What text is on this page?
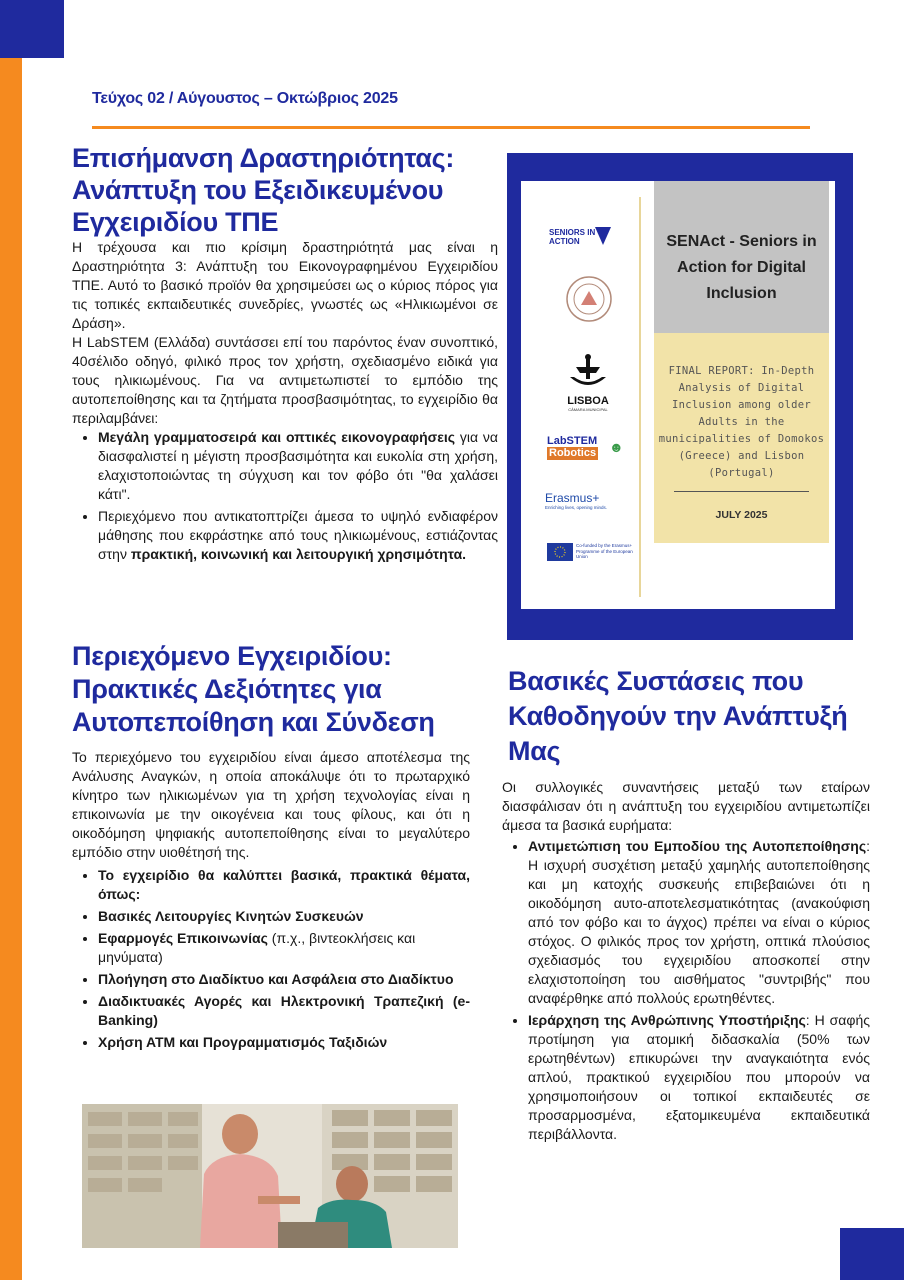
Τεύχος 02 / Αύγουστος – Οκτώβριος 2025
Επισήμανση Δραστηριότητας: Ανάπτυξη του Εξειδικευμένου Εγχειριδίου ΤΠΕ

Η τρέχουσα και πιο κρίσιμη δραστηριότητά μας είναι η Δραστηριότητα 3: Ανάπτυξη του Εικονογραφημένου Εγχειριδίου ΤΠΕ. Αυτό το βασικό προϊόν θα χρησιμεύσει ως ο κύριος πόρος για τις τοπικές εκπαιδευτικές συνεδρίες, γνωστές ως «Ηλικιωμένοι σε Δράση».

Η LabSTEM (Ελλάδα) συντάσσει επί του παρόντος έναν συνοπτικό, 40σέλιδο οδηγό, φιλικό προς τον χρήστη, σχεδιασμένο ειδικά για τους ηλικιωμένους. Για να αντιμετωπιστεί το εμπόδιο της αυτοπεποίθησης και τα ζητήματα προσβασιμότητας, το εγχειρίδιο θα περιλαμβάνει:

• Μεγάλη γραμματοσειρά και οπτικές εικονογραφήσεις για να διασφαλιστεί η μέγιστη προσβασιμότητα και ευκολία στη χρήση, ελαχιστοποιώντας τη σύγχυση και τον φόβο ότι "θα χαλάσει κάτι".
• Περιεχόμενο που αντικατοπτρίζει άμεσα το υψηλό ενδιαφέρον μάθησης που εκφράστηκε από τους ηλικιωμένους, εστιάζοντας στην πρακτική, κοινωνική και λειτουργική χρησιμότητα.
Περιεχόμενο Εγχειριδίου: Πρακτικές Δεξιότητες για Αυτοπεποίθηση και Σύνδεση

Το περιεχόμενο του εγχειριδίου είναι άμεσο αποτέλεσμα της Ανάλυσης Αναγκών, η οποία αποκάλυψε ότι το πρωταρχικό κίνητρο των ηλικιωμένων για τη χρήση τεχνολογίας είναι η επικοινωνία με την οικογένεια και τους φίλους, και ότι η οικοδόμηση ψηφιακής αυτοπεποίθησης είναι το μεγαλύτερο εμπόδιο στην υιοθέτησή της.

• Το εγχειρίδιο θα καλύπτει βασικά, πρακτικά θέματα, όπως:
• Βασικές Λειτουργίες Κινητών Συσκευών
• Εφαρμογές Επικοινωνίας (π.χ., βιντεοκλήσεις και μηνύματα)
• Πλοήγηση στο Διαδίκτυο και Ασφάλεια στο Διαδίκτυο
• Διαδικτυακές Αγορές και Ηλεκτρονική Τραπεζική (e-Banking)
• Χρήση ΑΤΜ και Προγραμματισμός Ταξιδιών
SENIORS IN ACTION
LISBOA
CÂMARA MUNICIPAL
LabSTEM
Robotics ☻
Erasmus+
Enriching lives, opening minds.
Co-funded by the Erasmus+ Programme of the European Union
SENAct - Seniors in Action for Digital Inclusion
FINAL REPORT: In-Depth Analysis of Digital Inclusion among older Adults in the municipalities of Domokos (Greece) and Lisbon (Portugal)
JULY 2025
Βασικές Συστάσεις που Καθοδηγούν την Ανάπτυξή Μας

Οι συλλογικές συναντήσεις μεταξύ των εταίρων διασφάλισαν ότι η ανάπτυξη του εγχειριδίου αντιμετωπίζει άμεσα τα βασικά ευρήματα:

• Αντιμετώπιση του Εμποδίου της Αυτοπεποίθησης: Η ισχυρή συσχέτιση μεταξύ χαμηλής αυτοπεποίθησης και μη κατοχής συσκευής επιβεβαιώνει ότι η οικοδόμηση αυτο-αποτελεσματικότητας (ανακούφιση από τον φόβο και το άγχος) πρέπει να είναι ο κύριος στόχος. Ο φιλικός προς τον χρήστη, οπτικά πλούσιος σχεδιασμός του εγχειριδίου αποσκοπεί στην ελαχιστοποίηση του αισθήματος "συντριβής" που αναφέρθηκε από πολλούς ερωτηθέντες.
• Ιεράρχηση της Ανθρώπινης Υποστήριξης: Η σαφής προτίμηση για ατομική διδασκαλία (50% των ερωτηθέντων) επικυρώνει την αναγκαιότητα ενός απλού, πρακτικού εγχειριδίου που μπορούν να χρησιμοποιήσουν οι τοπικοί εκπαιδευτές σε προσαρμοσμένα, εξατομικευμένα εκπαιδευτικά περιβάλλοντα.
